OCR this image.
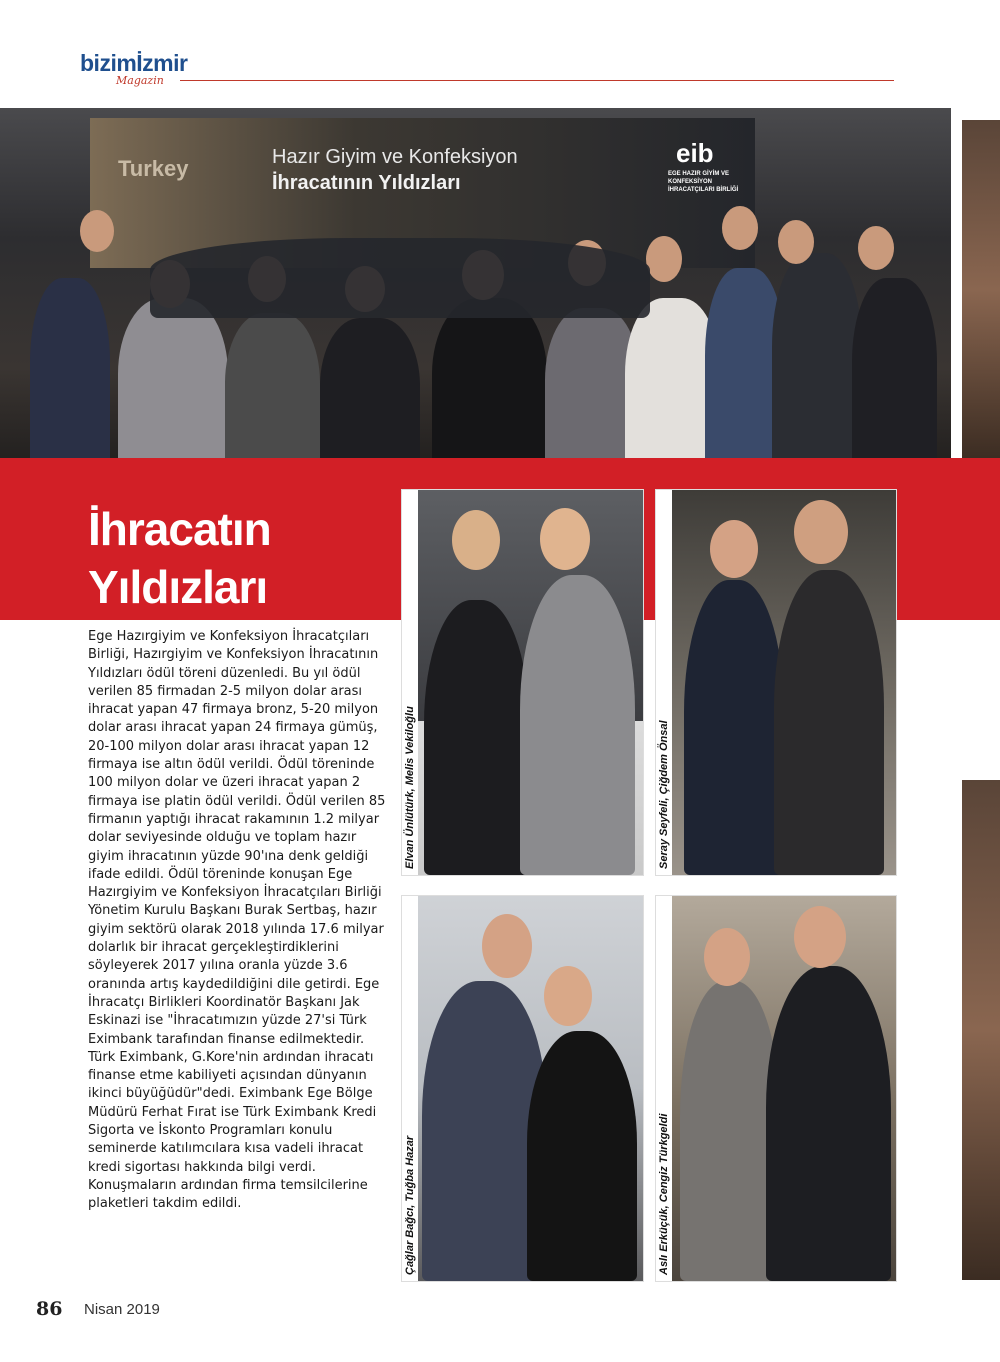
bizimİzmir
Magazin
Turkey	Hazır Giyim ve Konfeksiyon
İhracatının Yıldızları
eib
EGE HAZIR GİYİM VE KONFEKSİYON İHRACATÇILARI BİRLİĞİ
İhracatın Yıldızları
Elvan Ünlütürk, Melis Vekiloğlu	Seray Seyfeli, Çiğdem Önsal
Çağlar Bağcı, Tuğba Hazar	Aslı Erküçük, Cengiz Türkgeldi
Ege Hazırgiyim ve Konfeksiyon İhracatçıları Birliği, Hazırgiyim ve Konfeksiyon İhracatının Yıldızları ödül töreni düzenledi. Bu yıl ödül verilen 85 firmadan 2-5 milyon dolar arası ihracat yapan 47 firmaya bronz, 5-20 milyon dolar arası ihracat yapan 24 firmaya gümüş, 20-100 milyon dolar arası ihracat yapan 12 firmaya ise altın ödül verildi. Ödül töreninde 100 milyon dolar ve üzeri ihracat yapan 2 firmaya ise platin ödül verildi. Ödül verilen 85 firmanın yaptığı ihracat rakamının 1.2 milyar dolar seviyesinde olduğu ve toplam hazır giyim ihracatının yüzde 90'ına denk geldiği ifade edildi. Ödül töreninde konuşan Ege Hazırgiyim ve Konfeksiyon İhracatçıları Birliği Yönetim Kurulu Başkanı Burak Sertbaş, hazır giyim sektörü olarak 2018 yılında 17.6 milyar dolarlık bir ihracat gerçekleştirdiklerini söyleyerek 2017 yılına oranla yüzde 3.6 oranında artış kaydedildiğini dile getirdi. Ege İhracatçı Birlikleri Koordinatör Başkanı Jak Eskinazi ise "İhracatımızın yüzde 27'si Türk Eximbank tarafından finanse edilmektedir. Türk Eximbank, G.Kore'nin ardından ihracatı finanse etme kabiliyeti açısından dünyanın ikinci büyüğüdür"dedi. Eximbank Ege Bölge Müdürü Ferhat Fırat ise Türk Eximbank Kredi Sigorta ve İskonto Programları konulu seminerde katılımcılara kısa vadeli ihracat kredi sigortası hakkında bilgi verdi. Konuşmaların ardından firma temsilcilerine plaketleri takdim edildi.
86 Nisan 2019
